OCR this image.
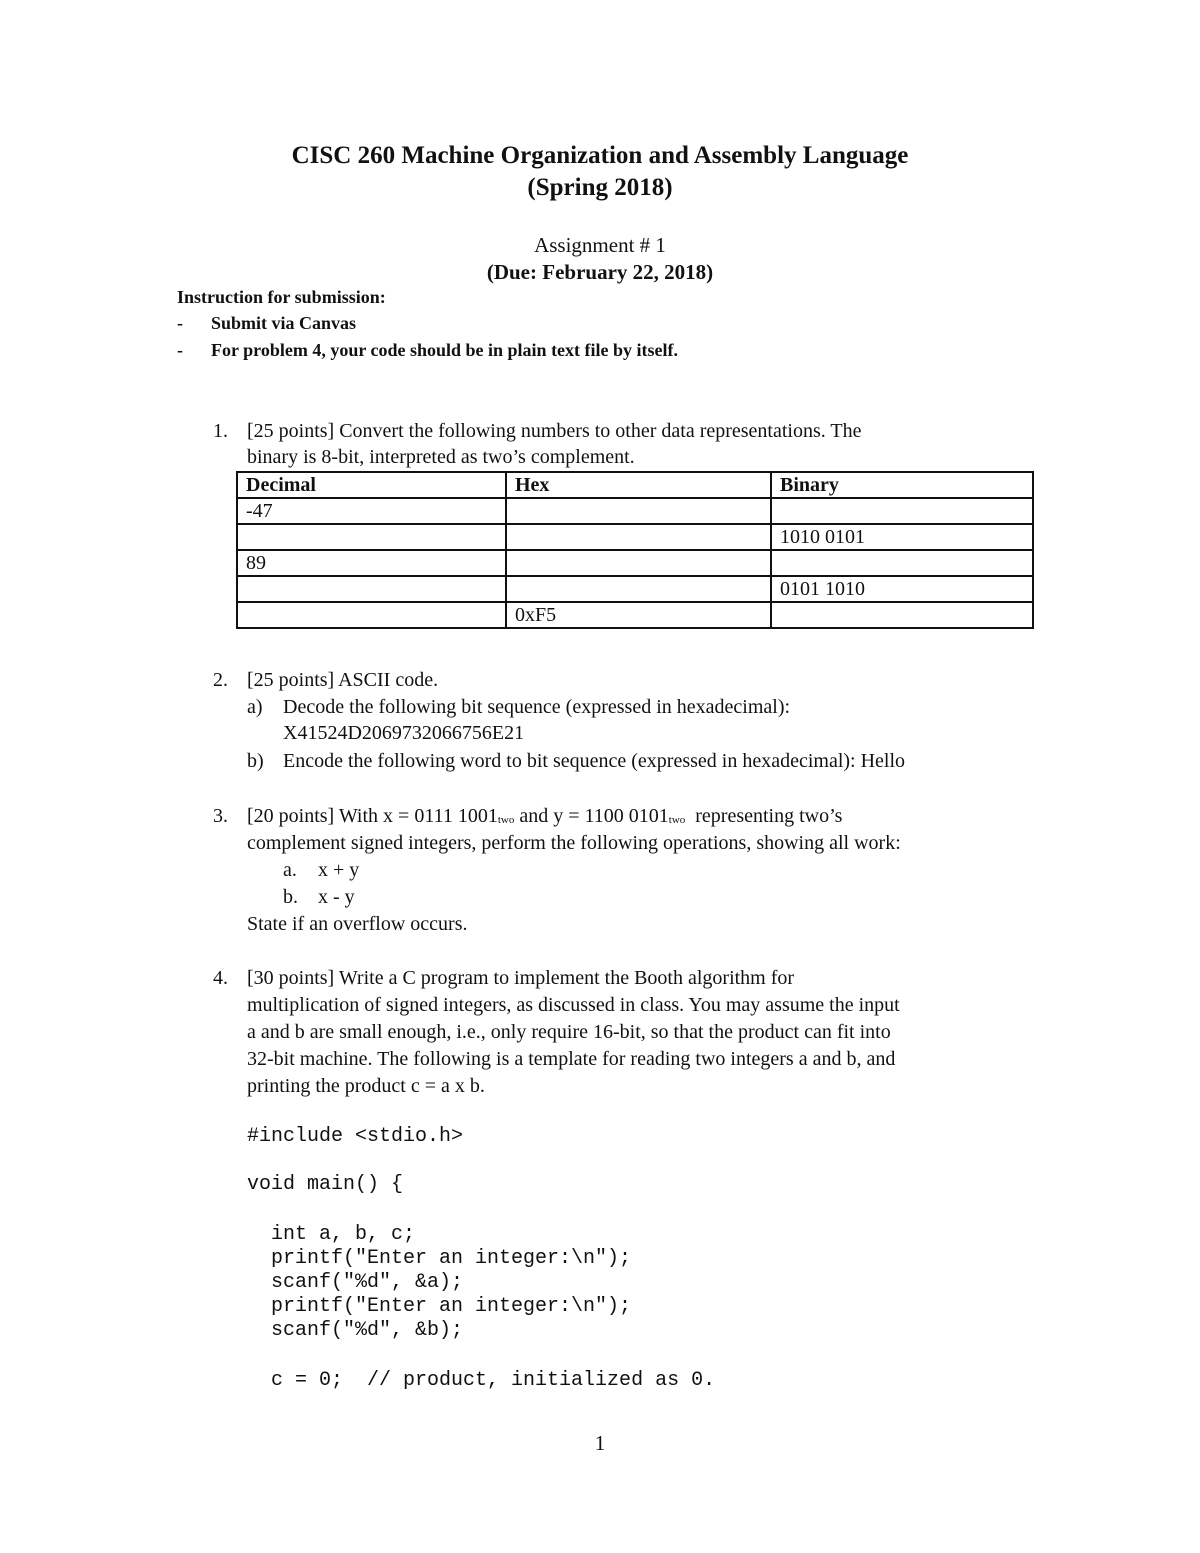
CISC 260 Machine Organization and Assembly Language
(Spring 2018)
Assignment # 1
(Due: February 22, 2018)
Instruction for submission:
- Submit via Canvas
- For problem 4, your code should be in plain text file by itself.
1. [25 points] Convert the following numbers to other data representations. The
binary is 8-bit, interpreted as two’s complement.
Decimal	Hex	Binary
-47		
		1010 0101
89		
		0101 1010
	0xF5	
2. [25 points] ASCII code.
a) Decode the following bit sequence (expressed in hexadecimal):
X41524D2069732066756E21
b) Encode the following word to bit sequence (expressed in hexadecimal): Hello
3. [20 points] With x = 0111 $1001_{two}$ and y = 1100 $0101_{two}$  representing two’s
complement signed integers, perform the following operations, showing all work:
a. x + y
b. x - y
State if an overflow occurs.
4. [30 points] Write a C program to implement the Booth algorithm for
multiplication of signed integers, as discussed in class. You may assume the input
a and b are small enough, i.e., only require 16-bit, so that the product can fit into
32-bit machine. The following is a template for reading two integers a and b, and
printing the product c = a x b.
#include <stdio.h>
void main() {
int a, b, c;
printf("Enter an integer:\n");
scanf("%d", &a);
printf("Enter an integer:\n");
scanf("%d", &b);
c = 0;  // product, initialized as 0.
1
